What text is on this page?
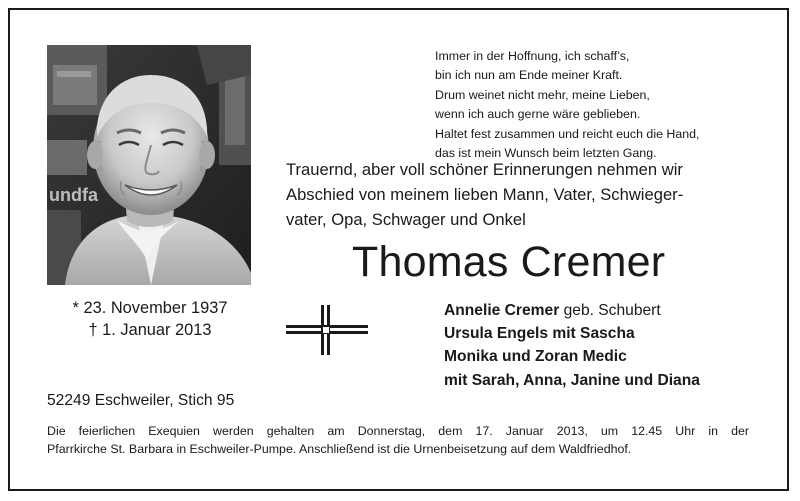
undfa
Immer in der Hoffnung, ich schaff’s,
bin ich nun am Ende meiner Kraft.
Drum weinet nicht mehr, meine Lieben,
wenn ich auch gerne wäre geblieben.
Haltet fest zusammen und reicht euch die Hand,
das ist mein Wunsch beim letzten Gang.
Trauernd, aber voll schöner Erinnerungen nehmen wir
Abschied von meinem lieben Mann, Vater, Schwieger-
vater, Opa, Schwager und Onkel
Thomas Cremer
* 23. November 1937
† 1. Januar 2013
Annelie Cremer geb. Schubert
Ursula Engels mit Sascha
Monika und Zoran Medic
mit Sarah, Anna, Janine und Diana
52249 Eschweiler, Stich 95
Die feierlichen Exequien werden gehalten am Donnerstag, dem 17. Januar 2013, um 12.45 Uhr in der
Pfarrkirche St. Barbara in Eschweiler-Pumpe. Anschließend ist die Urnenbeisetzung auf dem Waldfriedhof.
